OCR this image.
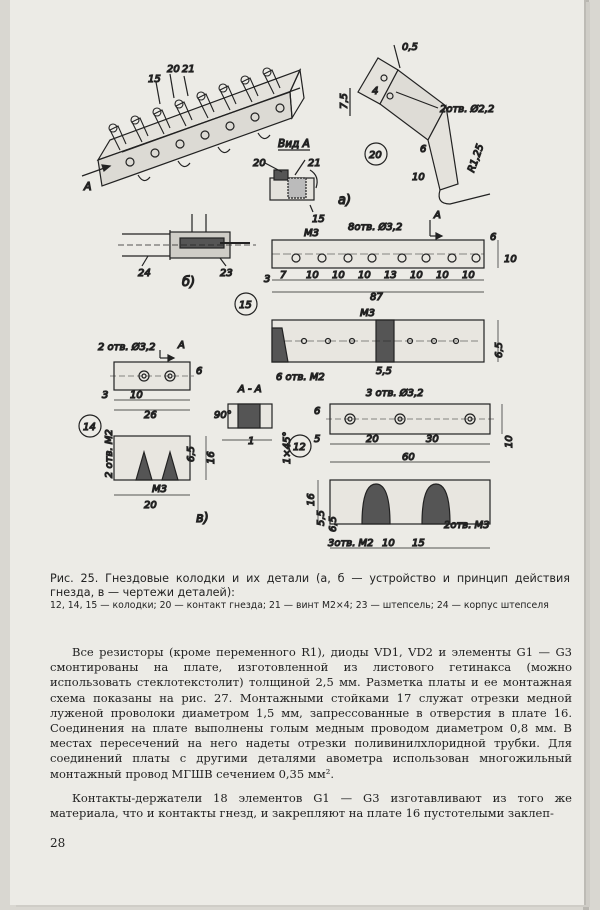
A
15
20 21
Вид А
20	21
15
а)
24	23
б)
0,5
7,5
4
2отв. Ø2,2
6	R1,25
10
20
М3
8отв. Ø3,2
А
6
10
3 7 10 10 10 13 10 10 10
87
15
М3
5,5
6,5
6 отв. М2
2 отв. Ø3,2 А
6
3 10
26
14
2 отв. М2	6,5 16
М3
20
в)
А - А
90°
1	1×45°
3 отв. Ø3,2
6
5	20	30
60
10
12
16
5,5 6,5
3отв. М2
2отв. М3
10 15
Рис. 25. Гнездовые колодки и их детали (а, б — устройство и принцип действия гнезда, в — чертежи деталей):
12, 14, 15 — колодки; 20 — контакт гнезда; 21 — винт М2×4; 23 — штепсель; 24 — корпус штепселя

Все резисторы (кроме переменного R1), диоды VD1, VD2 и элементы G1 — G3 смонтированы на плате, изготовленной из листового гетинакса (можно использовать стеклотекстолит) толщиной 2,5 мм. Разметка платы и ее монтажная схема показаны на рис. 27. Монтажными стойками 17 служат отрезки медной луженой проволоки диаметром 1,5 мм, запрессованные в отверстия в плате 16. Соединения на плате выполнены голым медным проводом диаметром 0,8 мм. В местах пересечений на него надеты отрезки поливинилхлоридной трубки. Для соединений платы с другими деталями авометра использован многожильный монтажный провод МГШВ сечением 0,35 мм².

Контакты-держатели 18 элементов G1 — G3 изготавливают из того же материала, что и контакты гнезд, и закрепляют на плате 16 пустотелыми заклеп-

28
